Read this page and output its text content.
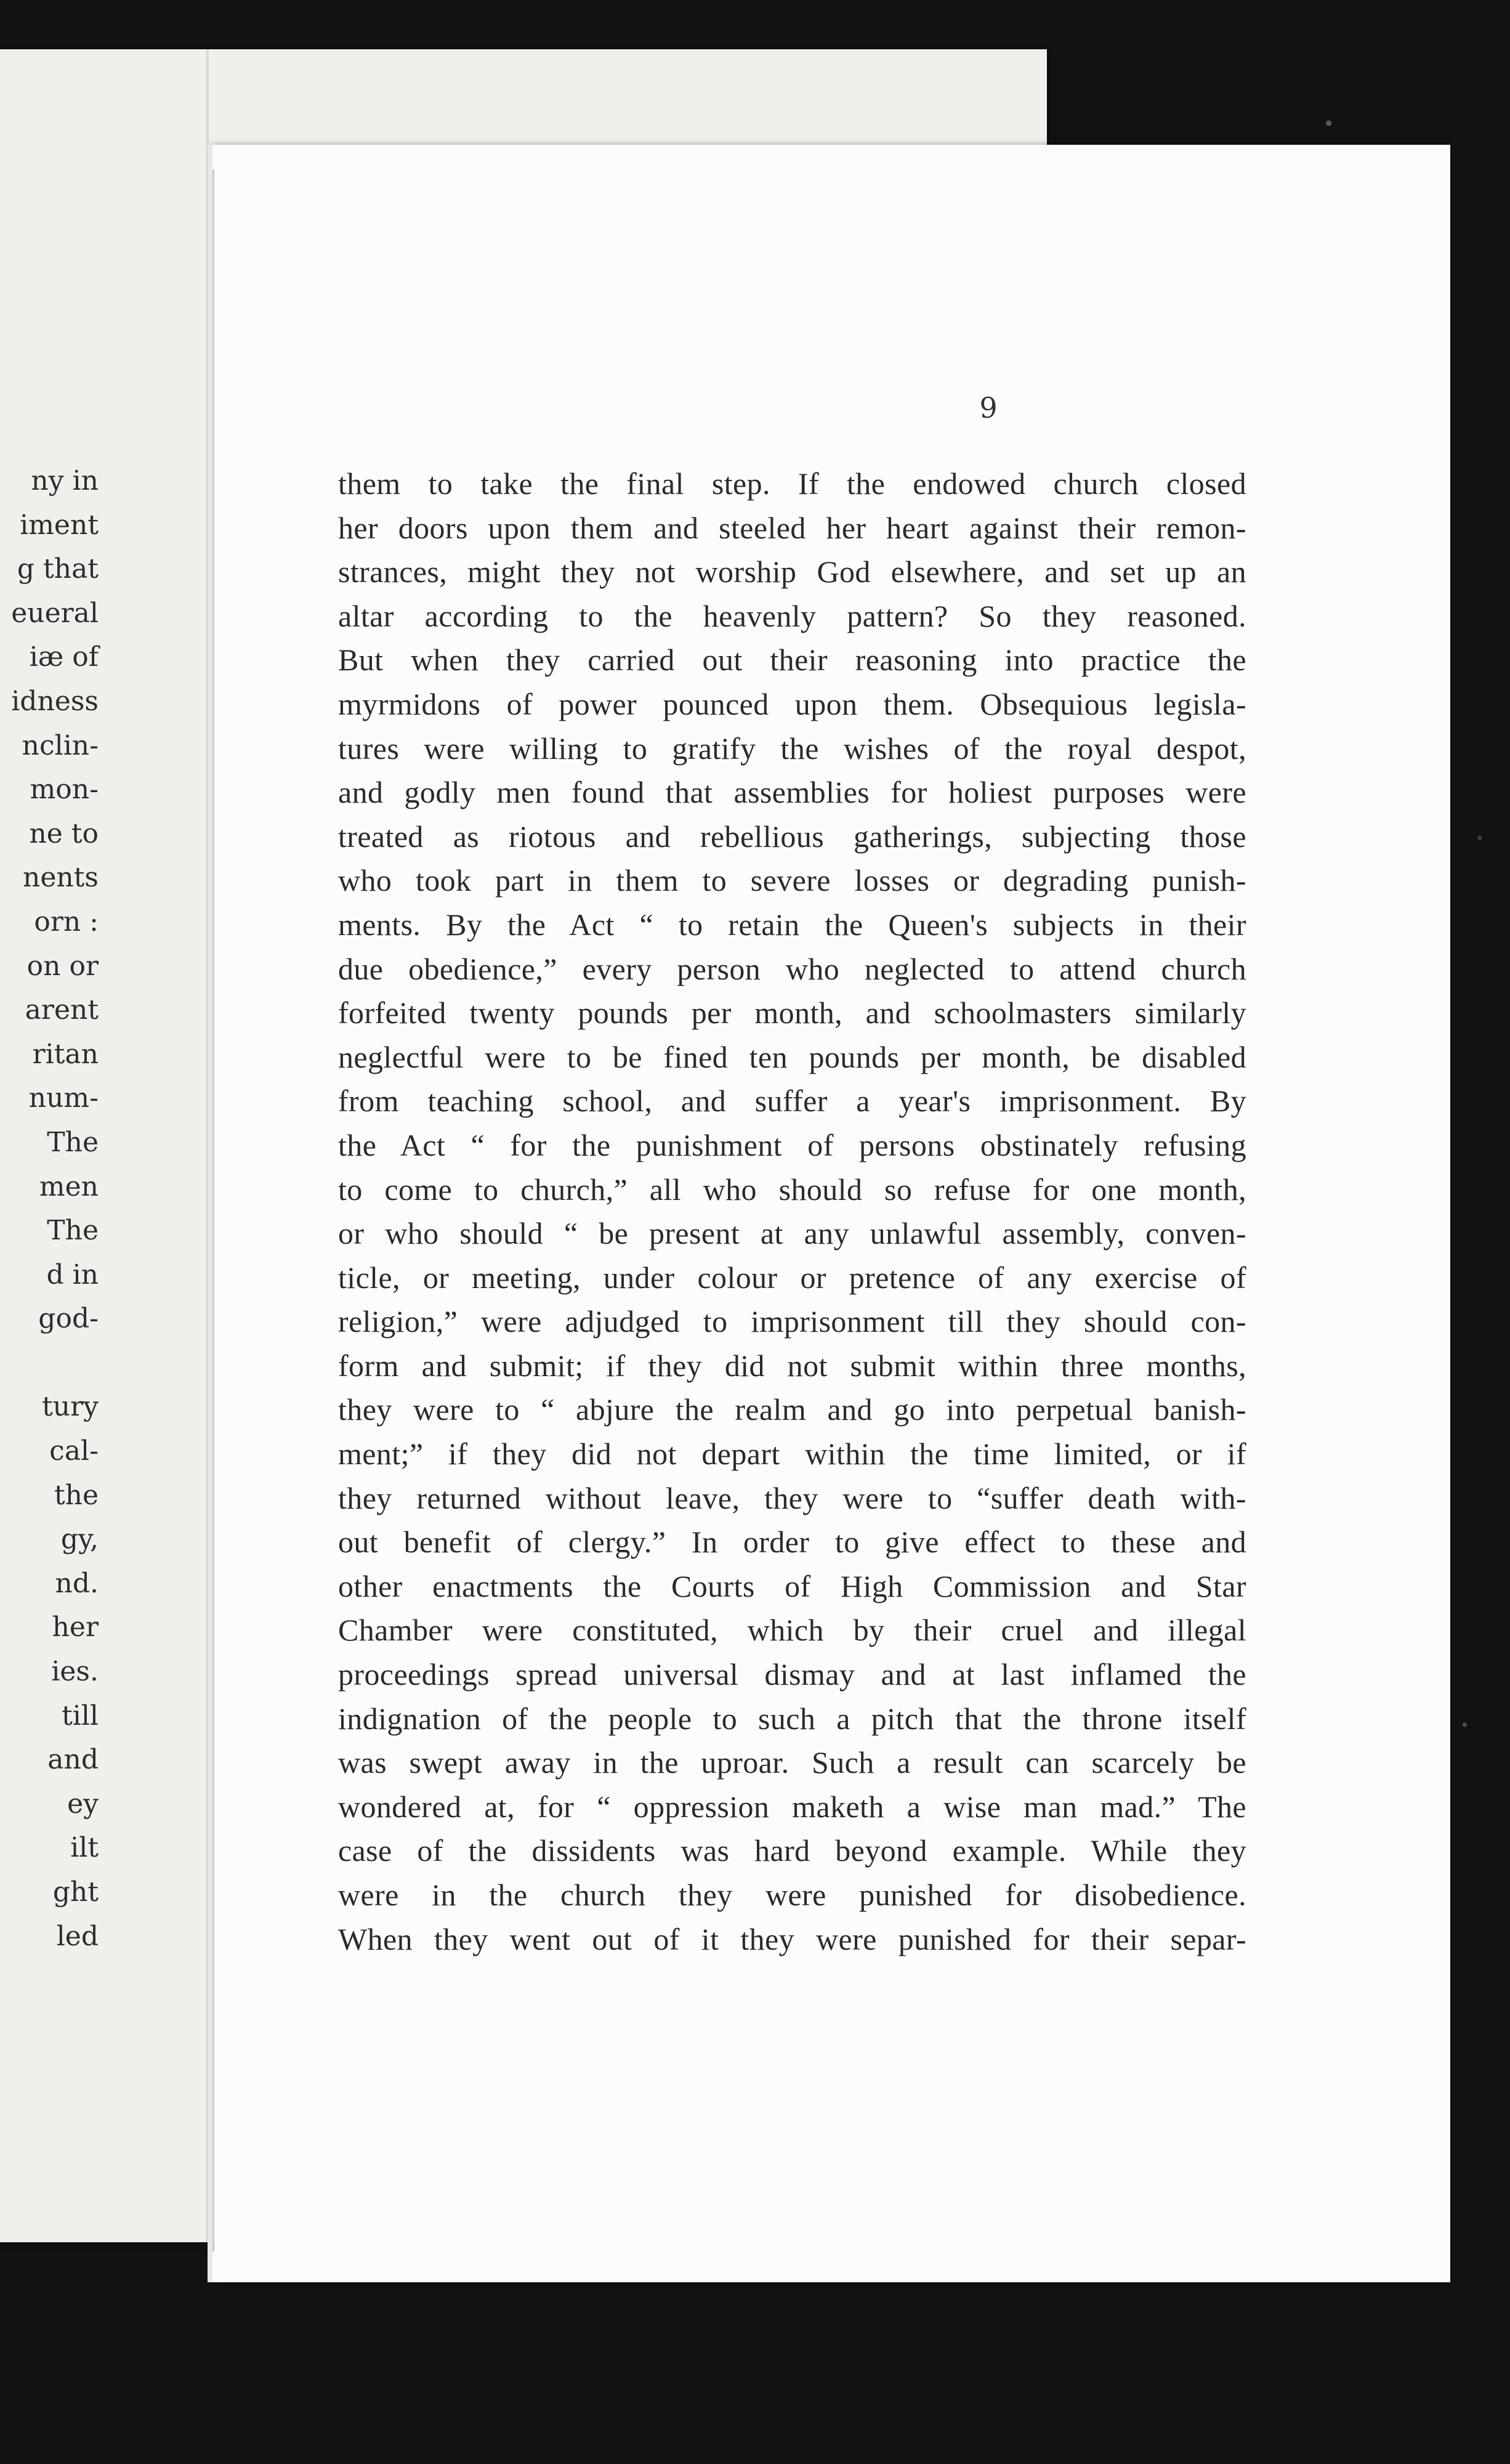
ny in
iment
g that
eueral
iæ of
idness
nclin-
mon-
ne to
nents
orn :
on or
arent
ritan
num-
The
men
The
d in
god-

tury
cal-
the
gy,
nd.
her
ies.
till
and
ey
ilt
ght
led
9
them to take the final step. If the endowed church closed
her doors upon them and steeled her heart against their remon-
strances, might they not worship God elsewhere, and set up an
altar according to the heavenly pattern? So they reasoned.
But when they carried out their reasoning into practice the
myrmidons of power pounced upon them. Obsequious legisla-
tures were willing to gratify the wishes of the royal despot,
and godly men found that assemblies for holiest purposes were
treated as riotous and rebellious gatherings, subjecting those
who took part in them to severe losses or degrading punish-
ments. By the Act “ to retain the Queen's subjects in their
due obedience,” every person who neglected to attend church
forfeited twenty pounds per month, and schoolmasters similarly
neglectful were to be fined ten pounds per month, be disabled
from teaching school, and suffer a year's imprisonment. By
the Act “ for the punishment of persons obstinately refusing
to come to church,” all who should so refuse for one month,
or who should “ be present at any unlawful assembly, conven-
ticle, or meeting, under colour or pretence of any exercise of
religion,” were adjudged to imprisonment till they should con-
form and submit; if they did not submit within three months,
they were to “ abjure the realm and go into perpetual banish-
ment;” if they did not depart within the time limited, or if
they returned without leave, they were to “suffer death with-
out benefit of clergy.” In order to give effect to these and
other enactments the Courts of High Commission and Star
Chamber were constituted, which by their cruel and illegal
proceedings spread universal dismay and at last inflamed the
indignation of the people to such a pitch that the throne itself
was swept away in the uproar. Such a result can scarcely be
wondered at, for “ oppression maketh a wise man mad.” The
case of the dissidents was hard beyond example. While they
were in the church they were punished for disobedience.
When they went out of it they were punished for their separ-
